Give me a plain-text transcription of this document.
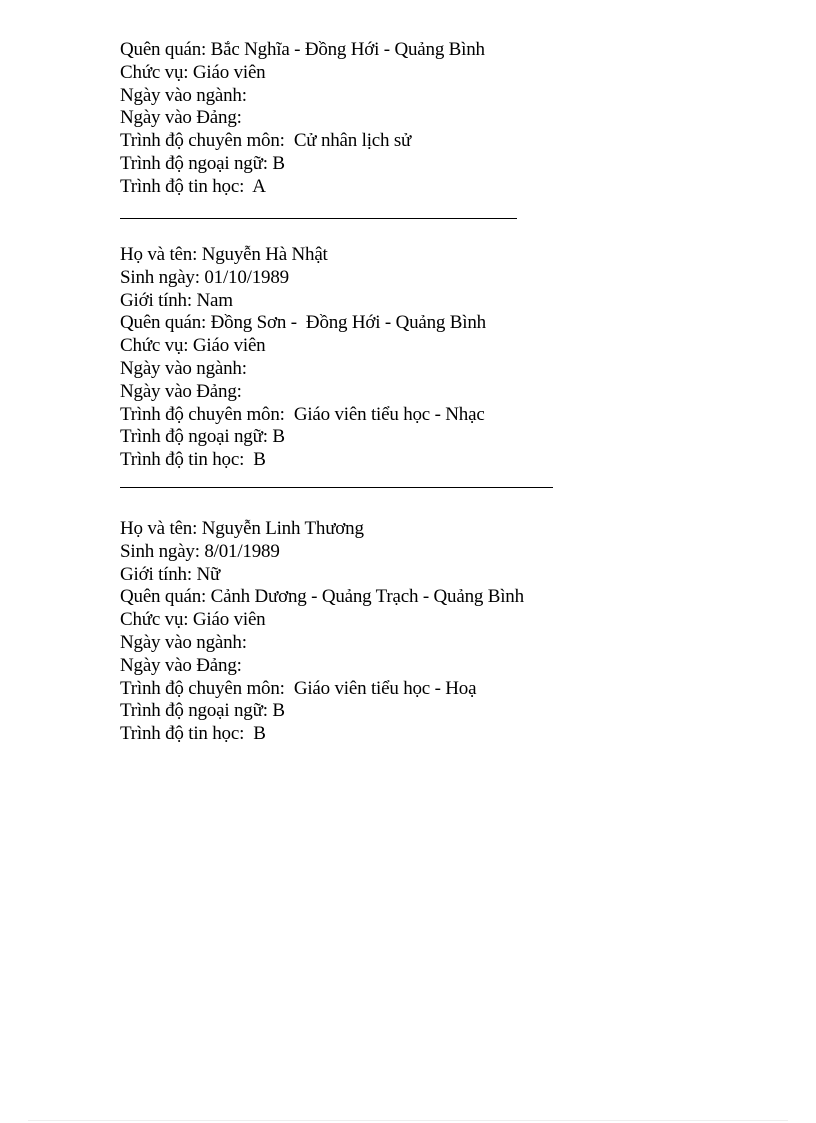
Quên quán: Bắc Nghĩa - Đồng Hới - Quảng Bình
Chức vụ: Giáo viên
Ngày vào ngành:
Ngày vào Đảng:
Trình độ chuyên môn:  Cử nhân lịch sử
Trình độ ngoại ngữ: B
Trình độ tin học:  A
Họ và tên: Nguyễn Hà Nhật
Sinh ngày: 01/10/1989
Giới tính: Nam
Quên quán: Đồng Sơn -  Đồng Hới - Quảng Bình
Chức vụ: Giáo viên
Ngày vào ngành:
Ngày vào Đảng:
Trình độ chuyên môn:  Giáo viên tiểu học - Nhạc
Trình độ ngoại ngữ: B
Trình độ tin học:  B
Họ và tên: Nguyễn Linh Thương
Sinh ngày: 8/01/1989
Giới tính: Nữ
Quên quán: Cảnh Dương - Quảng Trạch - Quảng Bình
Chức vụ: Giáo viên
Ngày vào ngành:
Ngày vào Đảng:
Trình độ chuyên môn:  Giáo viên tiểu học - Hoạ
Trình độ ngoại ngữ: B
Trình độ tin học:  B
